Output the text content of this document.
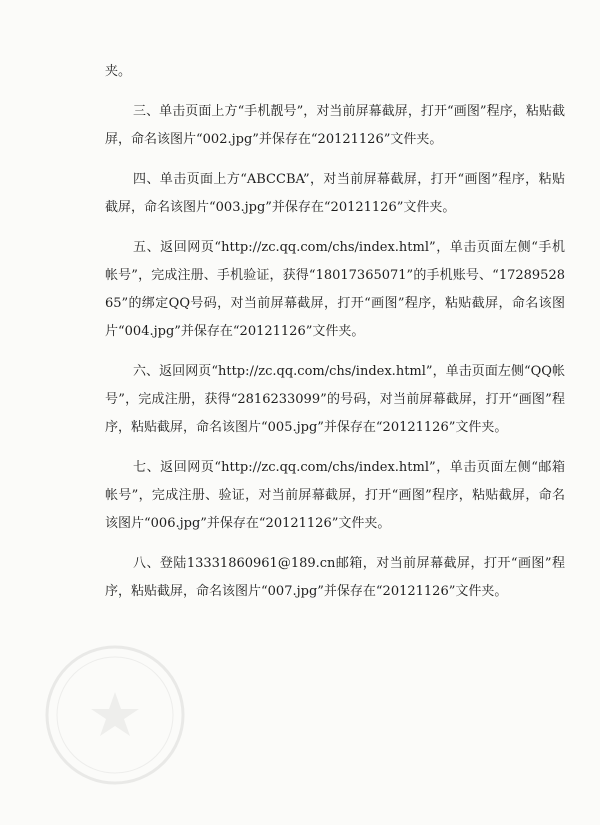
夹。

三、单击页面上方“手机靓号”，对当前屏幕截屏，打开“画图”程序，粘贴截屏，命名该图片“002.jpg”并保存在“20121126”文件夹。

四、单击页面上方“ABCCBA”，对当前屏幕截屏，打开“画图”程序，粘贴截屏，命名该图片“003.jpg”并保存在“20121126”文件夹。

五、返回网页“http://zc.qq.com/chs/index.html”，单击页面左侧“手机帐号”，完成注册、手机验证，获得“18017365071”的手机账号、“1728952865”的绑定QQ号码，对当前屏幕截屏，打开“画图”程序，粘贴截屏，命名该图片“004.jpg”并保存在“20121126”文件夹。

六、返回网页“http://zc.qq.com/chs/index.html”，单击页面左侧“QQ帐号”，完成注册，获得“2816233099”的号码，对当前屏幕截屏，打开“画图”程序，粘贴截屏，命名该图片“005.jpg”并保存在“20121126”文件夹。

七、返回网页“http://zc.qq.com/chs/index.html”，单击页面左侧“邮箱帐号”，完成注册、验证，对当前屏幕截屏，打开“画图”程序，粘贴截屏，命名该图片“006.jpg”并保存在“20121126”文件夹。

八、登陆13331860961@189.cn邮箱，对当前屏幕截屏，打开“画图”程序，粘贴截屏，命名该图片“007.jpg”并保存在“20121126”文件夹。
